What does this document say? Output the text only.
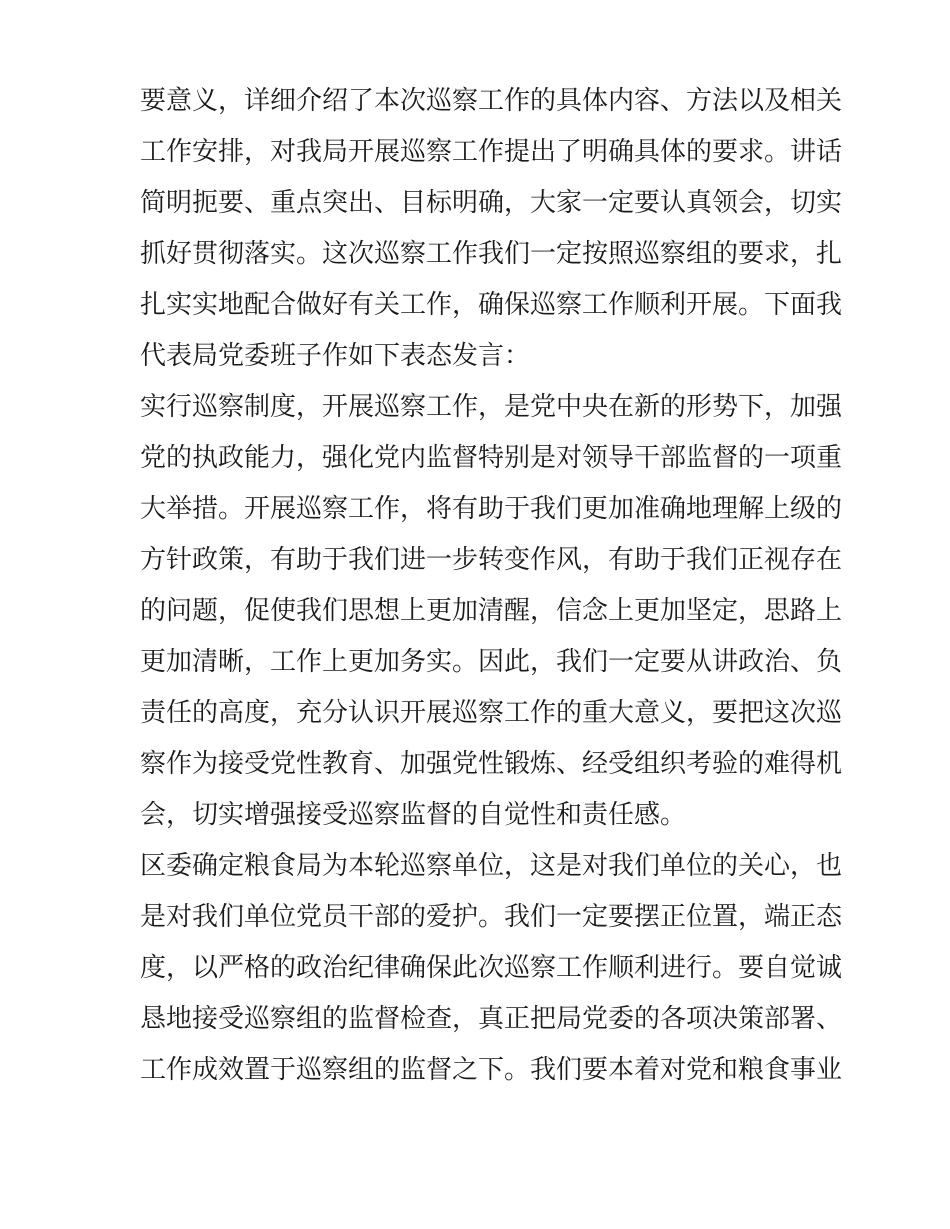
要意义，详细介绍了本次巡察工作的具体内容、方法以及相关
工作安排，对我局开展巡察工作提出了明确具体的要求。讲话
简明扼要、重点突出、目标明确，大家一定要认真领会，切实
抓好贯彻落实。这次巡察工作我们一定按照巡察组的要求，扎
扎实实地配合做好有关工作，确保巡察工作顺利开展。下面我
代表局党委班子作如下表态发言：
实行巡察制度，开展巡察工作，是党中央在新的形势下，加强
党的执政能力，强化党内监督特别是对领导干部监督的一项重
大举措。开展巡察工作，将有助于我们更加准确地理解上级的
方针政策，有助于我们进一步转变作风，有助于我们正视存在
的问题，促使我们思想上更加清醒，信念上更加坚定，思路上
更加清晰，工作上更加务实。因此，我们一定要从讲政治、负
责任的高度，充分认识开展巡察工作的重大意义，要把这次巡
察作为接受党性教育、加强党性锻炼、经受组织考验的难得机
会，切实增强接受巡察监督的自觉性和责任感。
区委确定粮食局为本轮巡察单位，这是对我们单位的关心，也
是对我们单位党员干部的爱护。我们一定要摆正位置，端正态
度，以严格的政治纪律确保此次巡察工作顺利进行。要自觉诚
恳地接受巡察组的监督检查，真正把局党委的各项决策部署、
工作成效置于巡察组的监督之下。我们要本着对党和粮食事业
